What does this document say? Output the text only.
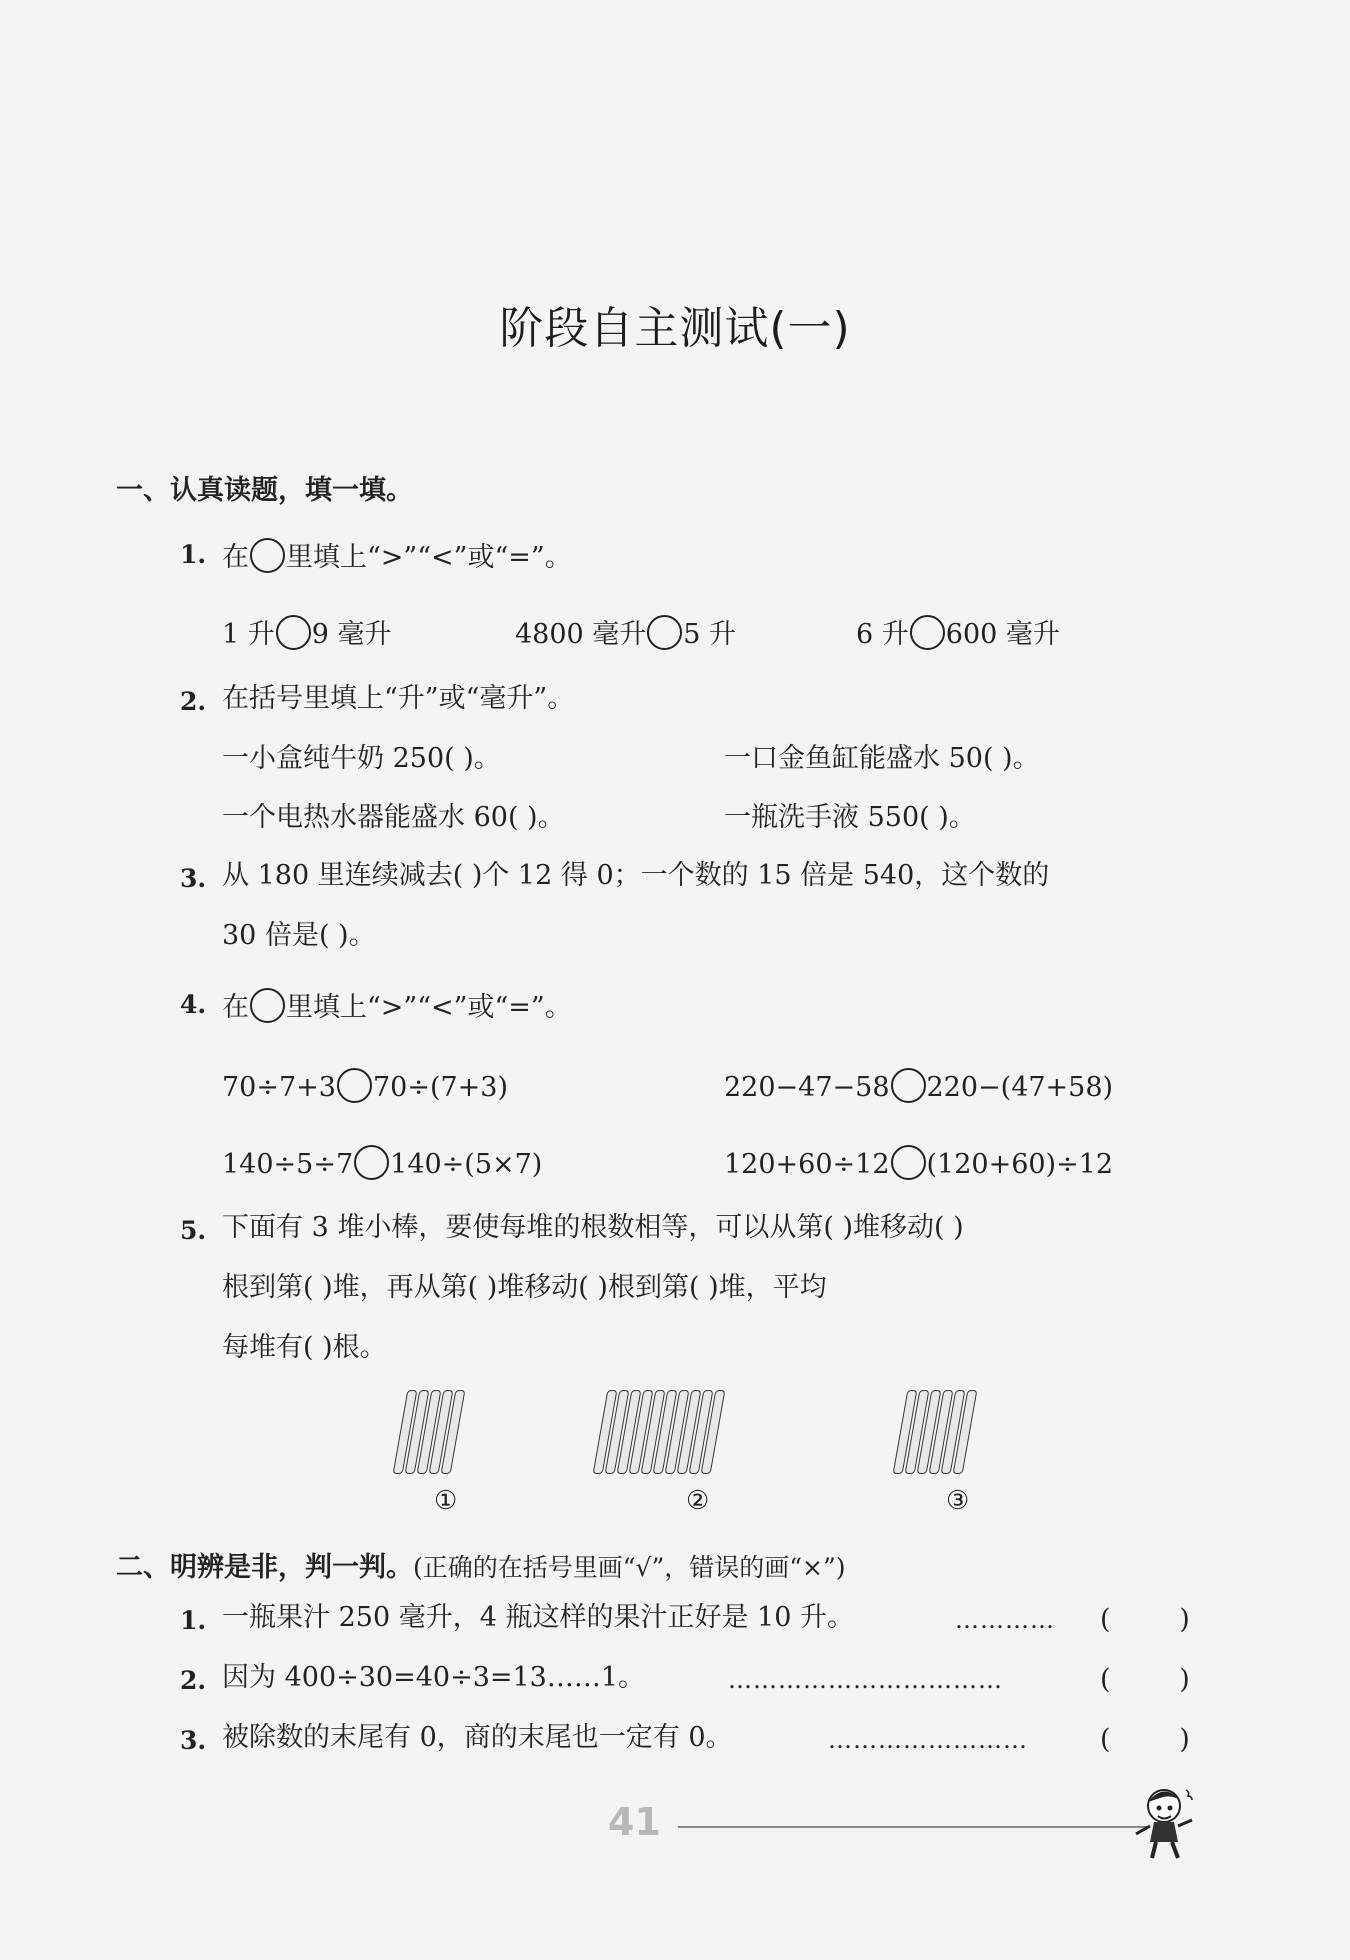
阶段自主测试(一)
一、认真读题，填一填。
1. 在 里填上“>”“<”或“=”。
1 升 9 毫升	4800 毫升 5 升	6 升 600 毫升
2. 在括号里填上“升”或“毫升”。
一小盒纯牛奶 250( )。	一口金鱼缸能盛水 50( )。
一个电热水器能盛水 60( )。	一瓶洗手液 550( )。
3. 从 180 里连续减去( )个 12 得 0；一个数的 15 倍是 540，这个数的
30 倍是( )。
4. 在 里填上“>”“<”或“=”。
70÷7+3 70÷(7+3)	220−47−58 220−(47+58)
140÷5÷7 140÷(5×7)	120+60÷12 (120+60)÷12
5. 下面有 3 堆小棒，要使每堆的根数相等，可以从第( )堆移动( )
根到第( )堆，再从第( )堆移动( )根到第( )堆，平均
每堆有( )根。
①	②	③
二、明辨是非，判一判。(正确的在括号里画“√”，错误的画“×”)
1. 一瓶果汁 250 毫升，4 瓶这样的果汁正好是 10 升。	………… (        )
2. 因为 400÷30=40÷3=13……1。	……………………………	(        )
3. 被除数的末尾有 0，商的末尾也一定有 0。	……………………	(        )
41
